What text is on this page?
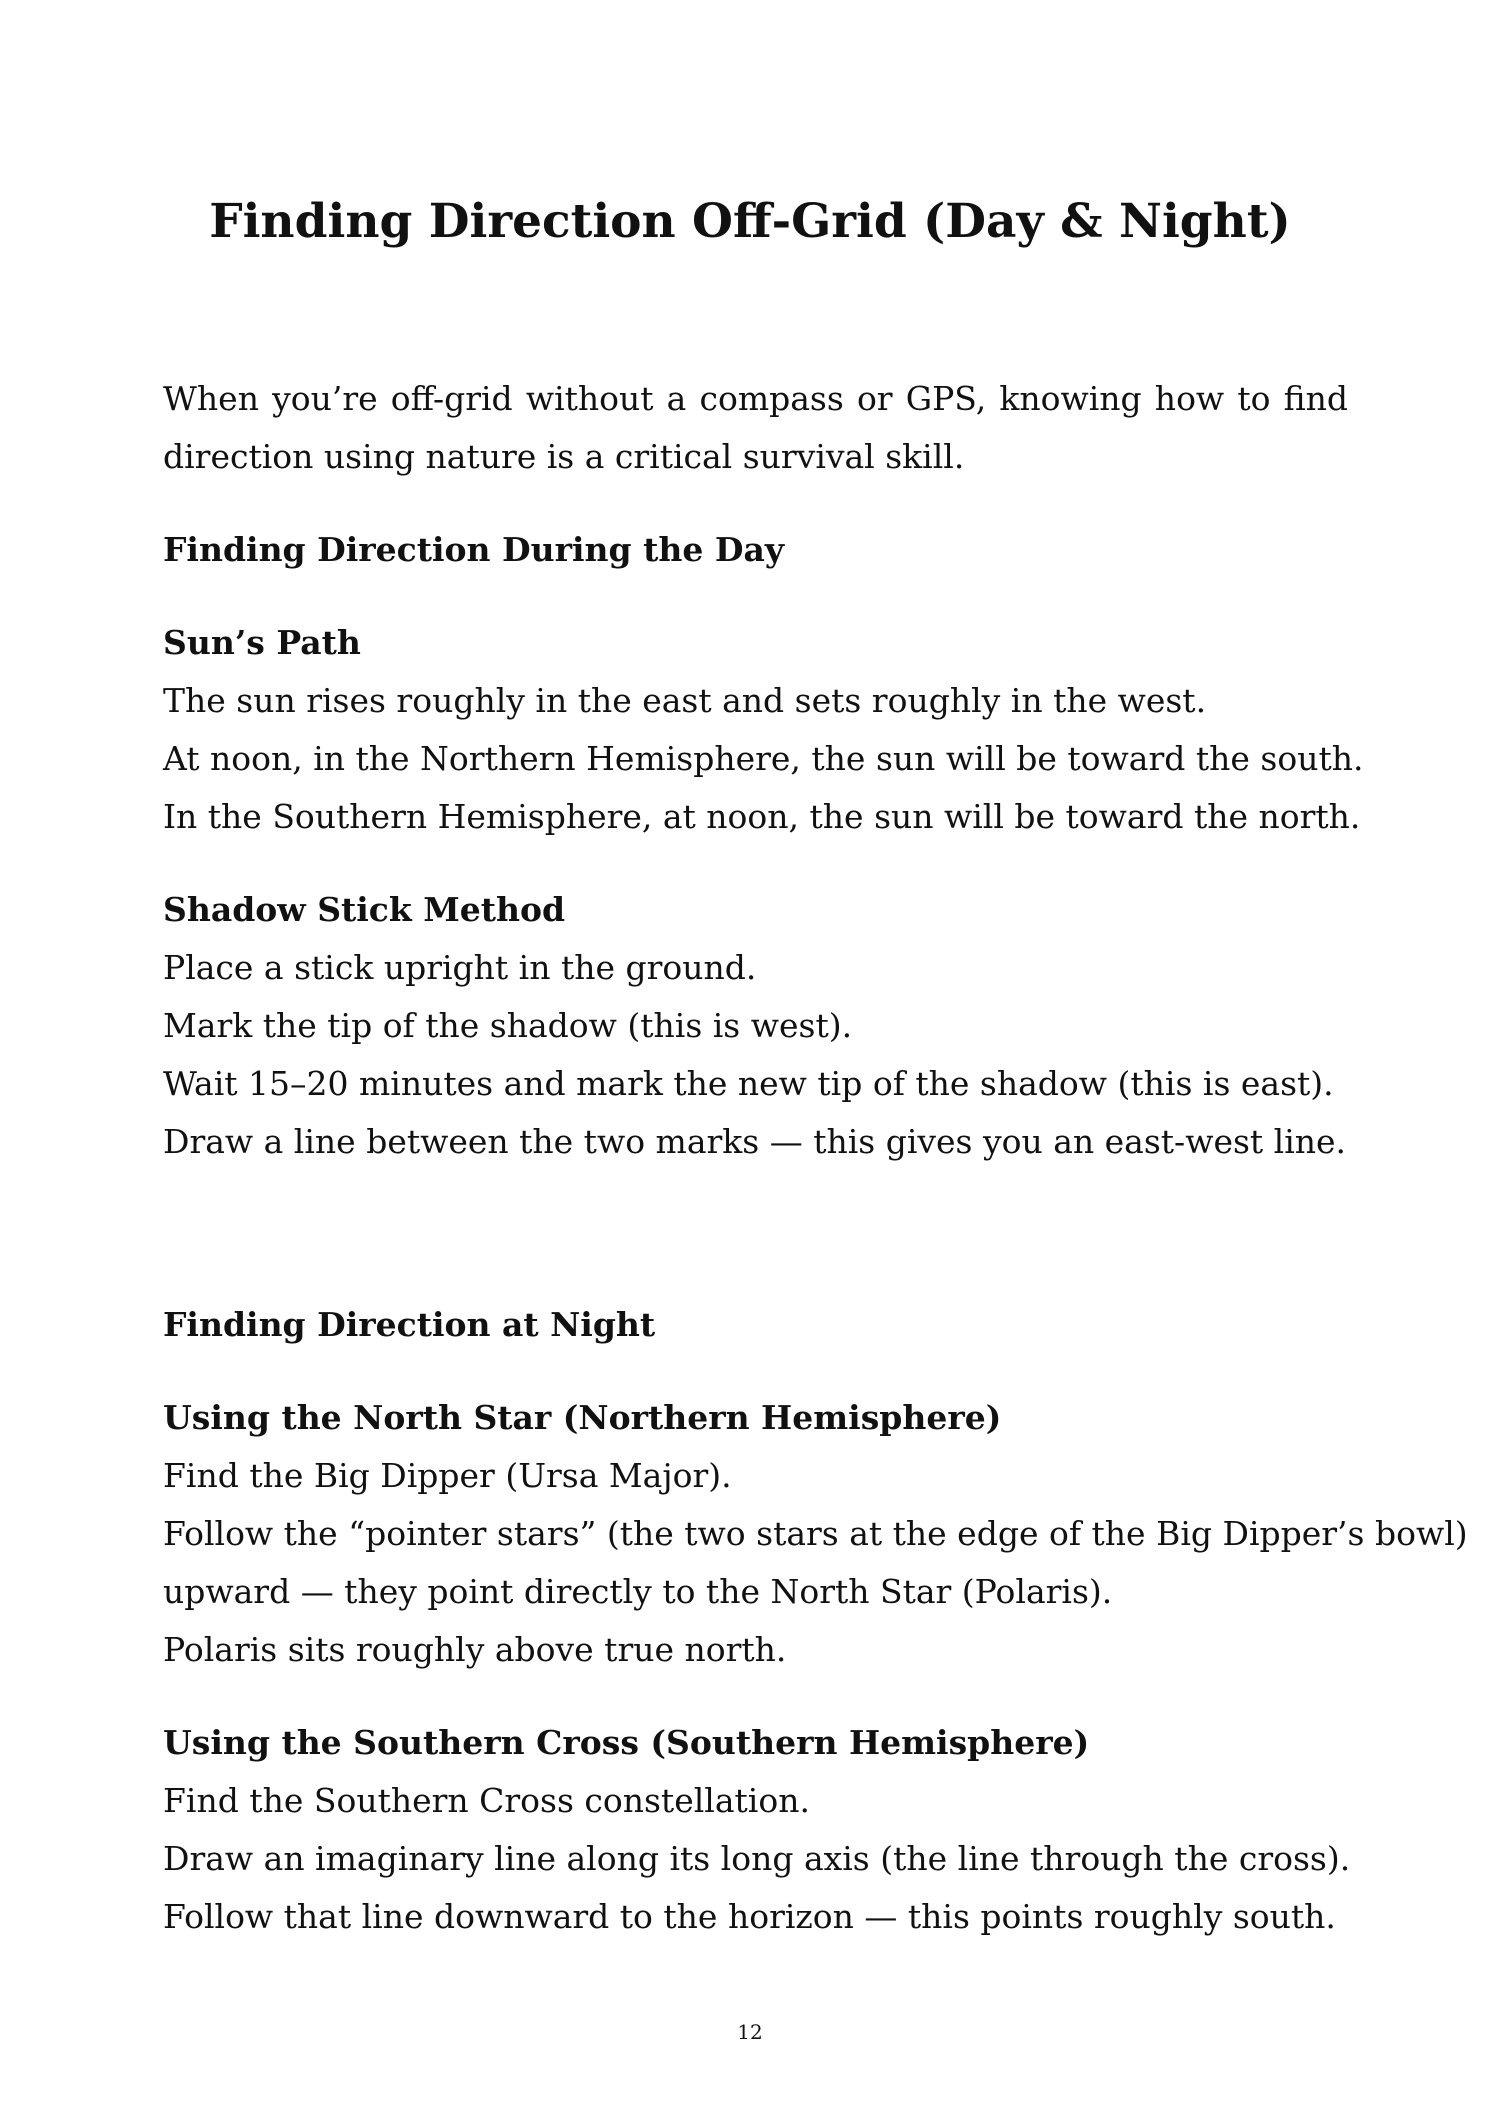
Finding Direction Off-Grid (Day & Night)

When you’re off-grid without a compass or GPS, knowing how to find direction using nature is a critical survival skill.

Finding Direction During the Day

Sun’s Path

The sun rises roughly in the east and sets roughly in the west.

At noon, in the Northern Hemisphere, the sun will be toward the south.

In the Southern Hemisphere, at noon, the sun will be toward the north.

Shadow Stick Method

Place a stick upright in the ground.

Mark the tip of the shadow (this is west).

Wait 15–20 minutes and mark the new tip of the shadow (this is east).

Draw a line between the two marks — this gives you an east-west line.

Finding Direction at Night

Using the North Star (Northern Hemisphere)

Find the Big Dipper (Ursa Major).

Follow the “pointer stars” (the two stars at the edge of the Big Dipper’s bowl)

upward — they point directly to the North Star (Polaris).

Polaris sits roughly above true north.

Using the Southern Cross (Southern Hemisphere)

Find the Southern Cross constellation.

Draw an imaginary line along its long axis (the line through the cross).

Follow that line downward to the horizon — this points roughly south.

12
